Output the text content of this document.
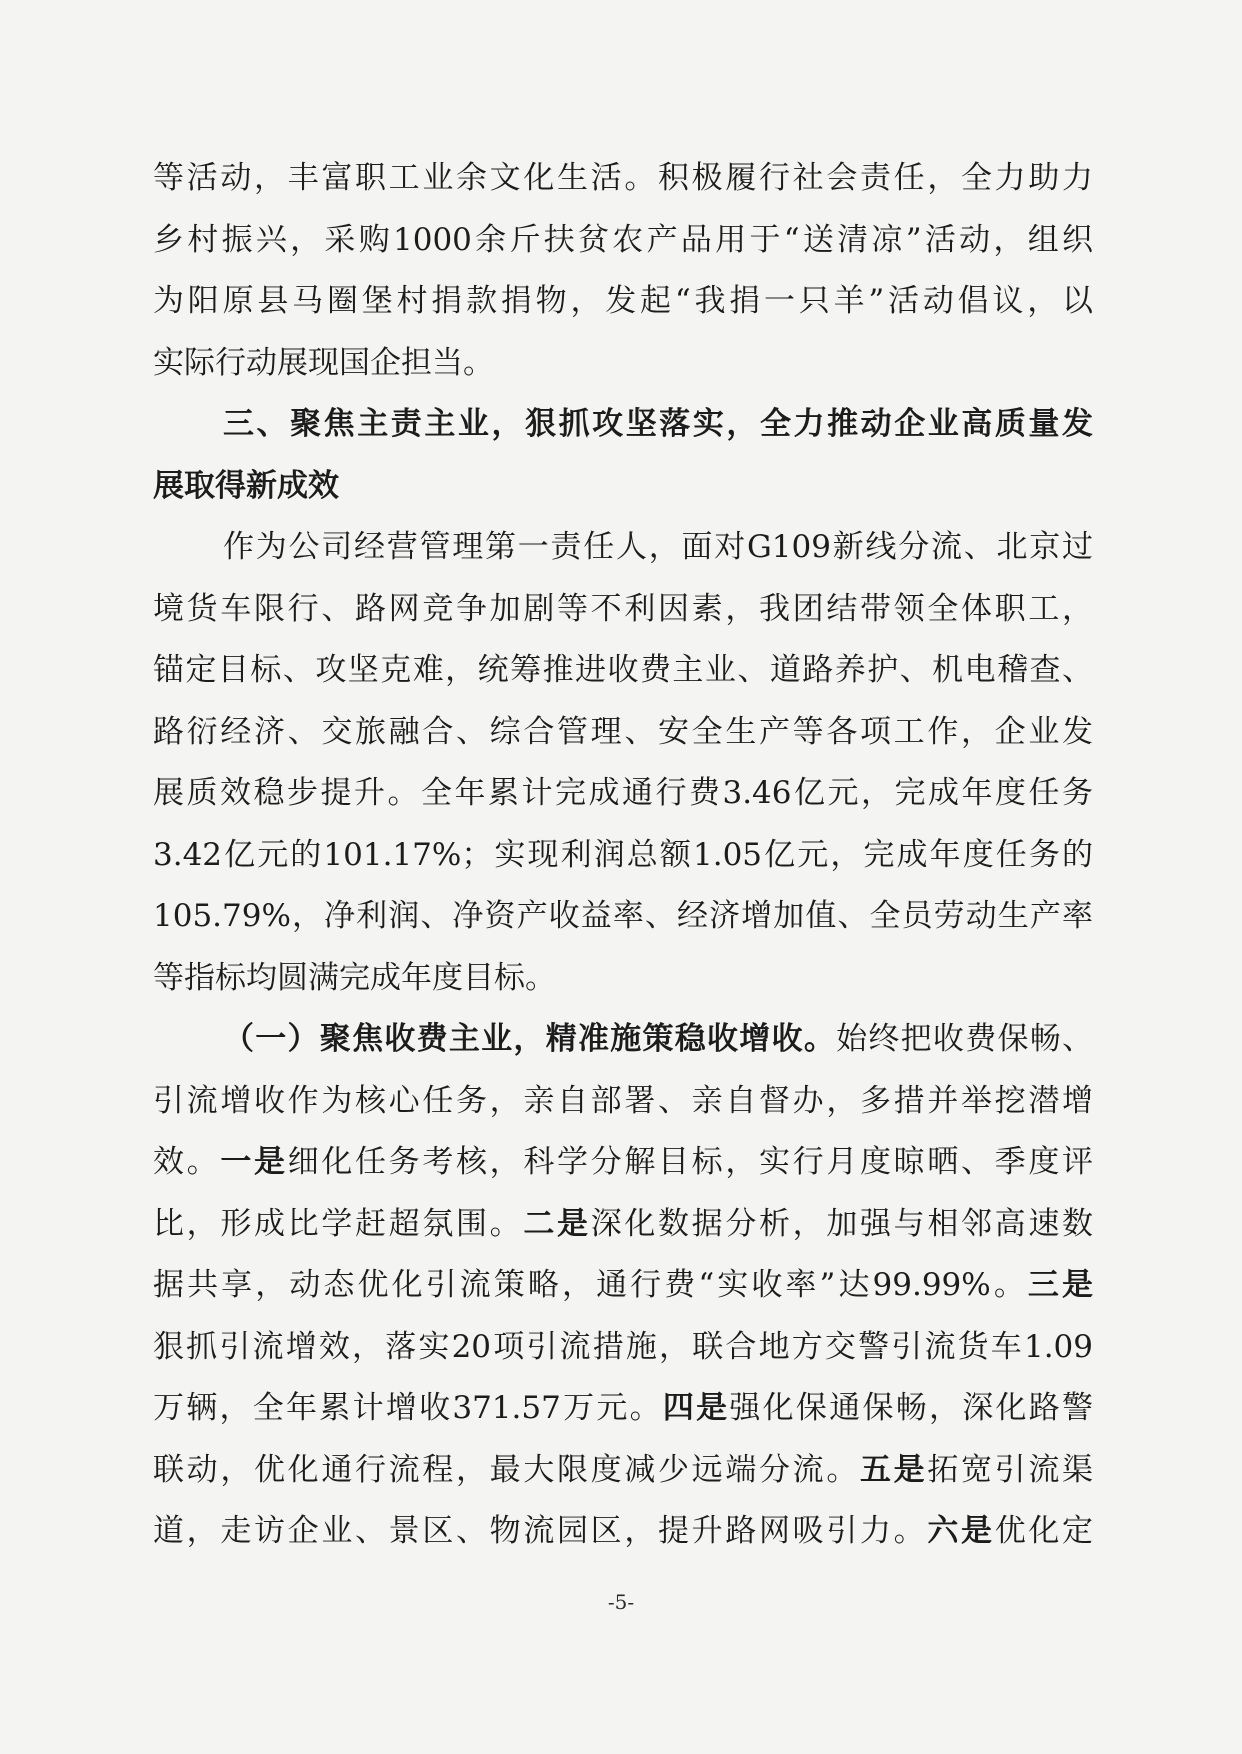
等活动，丰富职工业余文化生活。积极履行社会责任，全力助力
乡村振兴，采购1000余斤扶贫农产品用于“送清凉”活动，组织
为阳原县马圈堡村捐款捐物，发起“我捐一只羊”活动倡议，以
实际行动展现国企担当。
三、聚焦主责主业，狠抓攻坚落实，全力推动企业高质量发
展取得新成效
作为公司经营管理第一责任人，面对G109新线分流、北京过
境货车限行、路网竞争加剧等不利因素，我团结带领全体职工，
锚定目标、攻坚克难，统筹推进收费主业、道路养护、机电稽查、
路衍经济、交旅融合、综合管理、安全生产等各项工作，企业发
展质效稳步提升。全年累计完成通行费3.46亿元，完成年度任务
3.42亿元的101.17%；实现利润总额1.05亿元，完成年度任务的
105.79%，净利润、净资产收益率、经济增加值、全员劳动生产率
等指标均圆满完成年度目标。
（一）聚焦收费主业，精准施策稳收增收。始终把收费保畅、
引流增收作为核心任务，亲自部署、亲自督办，多措并举挖潜增
效。一是细化任务考核，科学分解目标，实行月度晾晒、季度评
比，形成比学赶超氛围。二是深化数据分析，加强与相邻高速数
据共享，动态优化引流策略，通行费“实收率”达99.99%。三是
狠抓引流增效，落实20项引流措施，联合地方交警引流货车1.09
万辆，全年累计增收371.57万元。四是强化保通保畅，深化路警
联动，优化通行流程，最大限度减少远端分流。五是拓宽引流渠
道，走访企业、景区、物流园区，提升路网吸引力。六是优化定
-5-
